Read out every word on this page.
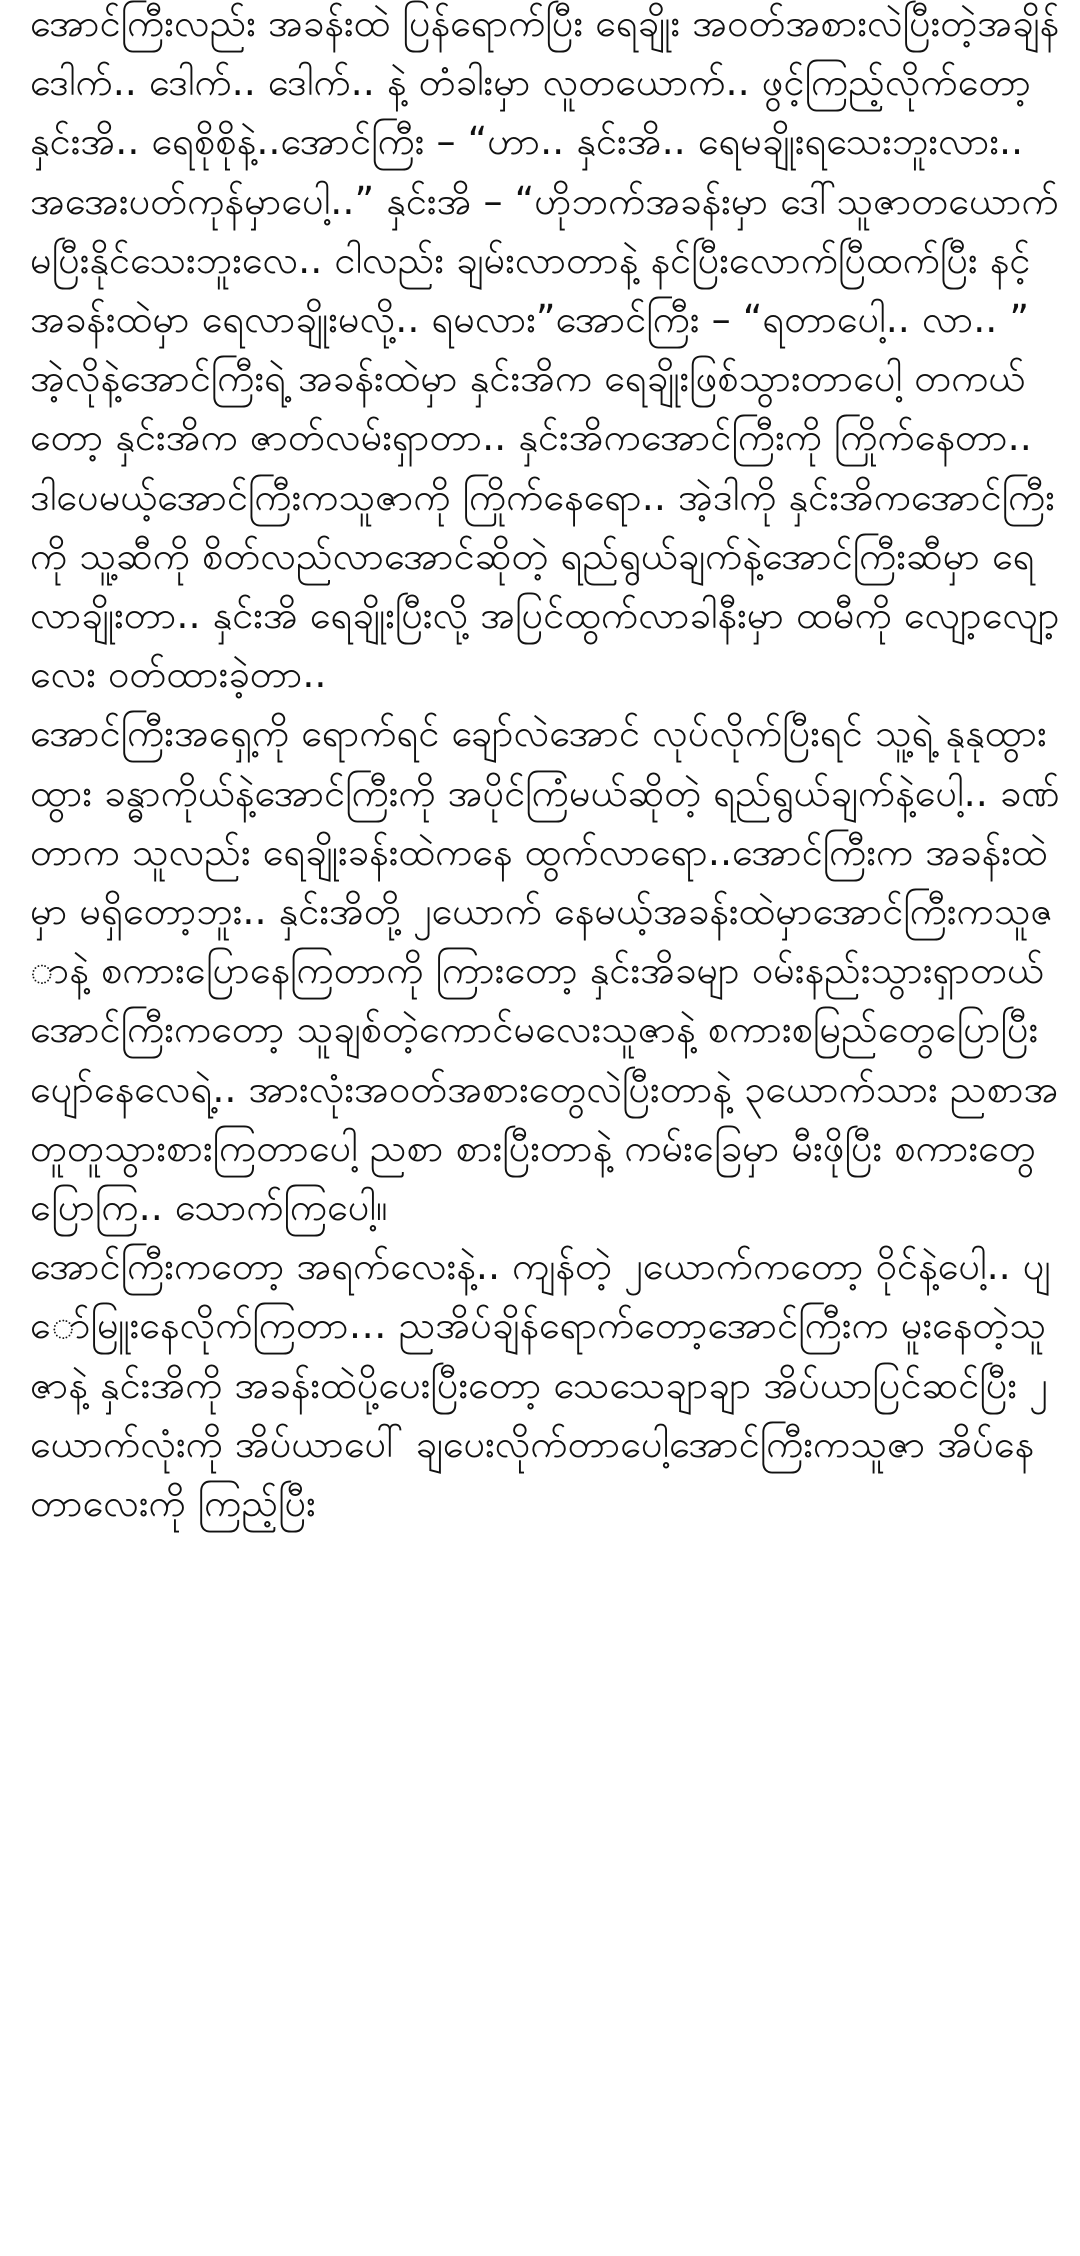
အောင်ကြီးလည်း အခန်းထဲ ပြန်ရောက်ပြီး ရေချိုး အဝတ်အစားလဲပြီးတဲ့အချိန် ဒေါက်.. ဒေါက်.. ဒေါက်.. နဲ့ တံခါးမှာ လူတယောက်.. ဖွင့်ကြည့်လိုက်တော့ နှင်းအိ.. ရေစိုစိုနဲ့..အောင်ကြီး – “ဟာ.. နှင်းအိ.. ရေမချိုးရသေးဘူးလား.. အအေးပတ်ကုန်မှာပေါ့..” နှင်းအိ – “ဟိုဘက်အခန်းမှာ ဒေါ်သူဇာတယောက် မပြီးနိုင်သေးဘူးလေ.. ငါလည်း ချမ်းလာတာနဲ့ နင်ပြီးလောက်ပြီထက်ပြီး နင့်အခန်းထဲမှာ ရေလာချိုးမလို့.. ရမလား”အောင်ကြီး – “ရတာပေါ့.. လာ.. ” အဲ့လိုနဲ့အောင်ကြီးရဲ့ အခန်းထဲမှာ နှင်းအိက ရေချိုးဖြစ်သွားတာပေါ့ တကယ်တော့ နှင်းအိက ဇာတ်လမ်းရှာတာ.. နှင်းအိကအောင်ကြီးကို ကြိုက်နေတာ.. ဒါပေမယ့်အောင်ကြီးကသူဇာကို ကြိုက်နေရော.. အဲ့ဒါကို နှင်းအိကအောင်ကြီးကို သူ့ဆီကို စိတ်လည်လာအောင်ဆိုတဲ့ ရည်ရွယ်ချက်နဲ့အောင်ကြီးဆီမှာ ရေလာချိုးတာ.. နှင်းအိ ရေချိုးပြီးလို့ အပြင်ထွက်လာခါနီးမှာ ထမီကို လျော့လျော့လေး ဝတ်ထားခဲ့တာ..

အောင်ကြီးအရှေ့ကို ရောက်ရင် ချော်လဲအောင် လုပ်လိုက်ပြီးရင် သူ့ရဲ့ နုနုထွားထွား ခန္ဓာကိုယ်နဲ့အောင်ကြီးကို အပိုင်ကြံမယ်ဆိုတဲ့ ရည်ရွယ်ချက်နဲ့ပေါ့.. ခဏ်တာက သူလည်း ရေချိုးခန်းထဲကနေ ထွက်လာရော..အောင်ကြီးက အခန်းထဲမှာ မရှိတော့ဘူး.. နှင်းအိတို့ ၂ယောက် နေမယ့်အခန်းထဲမှာအောင်ကြီးကသူဇာနဲ့ စကားပြောနေကြတာကို ကြားတော့ နှင်းအိခမျာ ဝမ်းနည်းသွားရှာတယ်အောင်ကြီးကတော့ သူချစ်တဲ့ကောင်မလေးသူဇာနဲ့ စကားစမြည်တွေပြောပြီး ပျော်နေလေရဲ့.. အားလုံးအဝတ်အစားတွေလဲပြီးတာနဲ့ ၃ယောက်သား ညစာအတူတူသွားစားကြတာပေါ့ ညစာ စားပြီးတာနဲ့ ကမ်းခြေမှာ မီးဖိုပြီး စကားတွေ ပြောကြ.. သောက်ကြပေါ့။

အောင်ကြီးကတော့ အရက်လေးနဲ့.. ကျန်တဲ့ ၂ယောက်ကတော့ ဝိုင်နဲ့ပေါ့.. ပျော်မြူးနေလိုက်ကြတာ… ညအိပ်ချိန်ရောက်တော့အောင်ကြီးက မူးနေတဲ့သူဇာနဲ့ နှင်းအိကို အခန်းထဲပို့ပေးပြီးတော့ သေသေချာချာ အိပ်ယာပြင်ဆင်ပြီး ၂ယောက်လုံးကို အိပ်ယာပေါ် ချပေးလိုက်တာပေါ့အောင်ကြီးကသူဇာ အိပ်နေတာလေးကို ကြည့်ပြီး
